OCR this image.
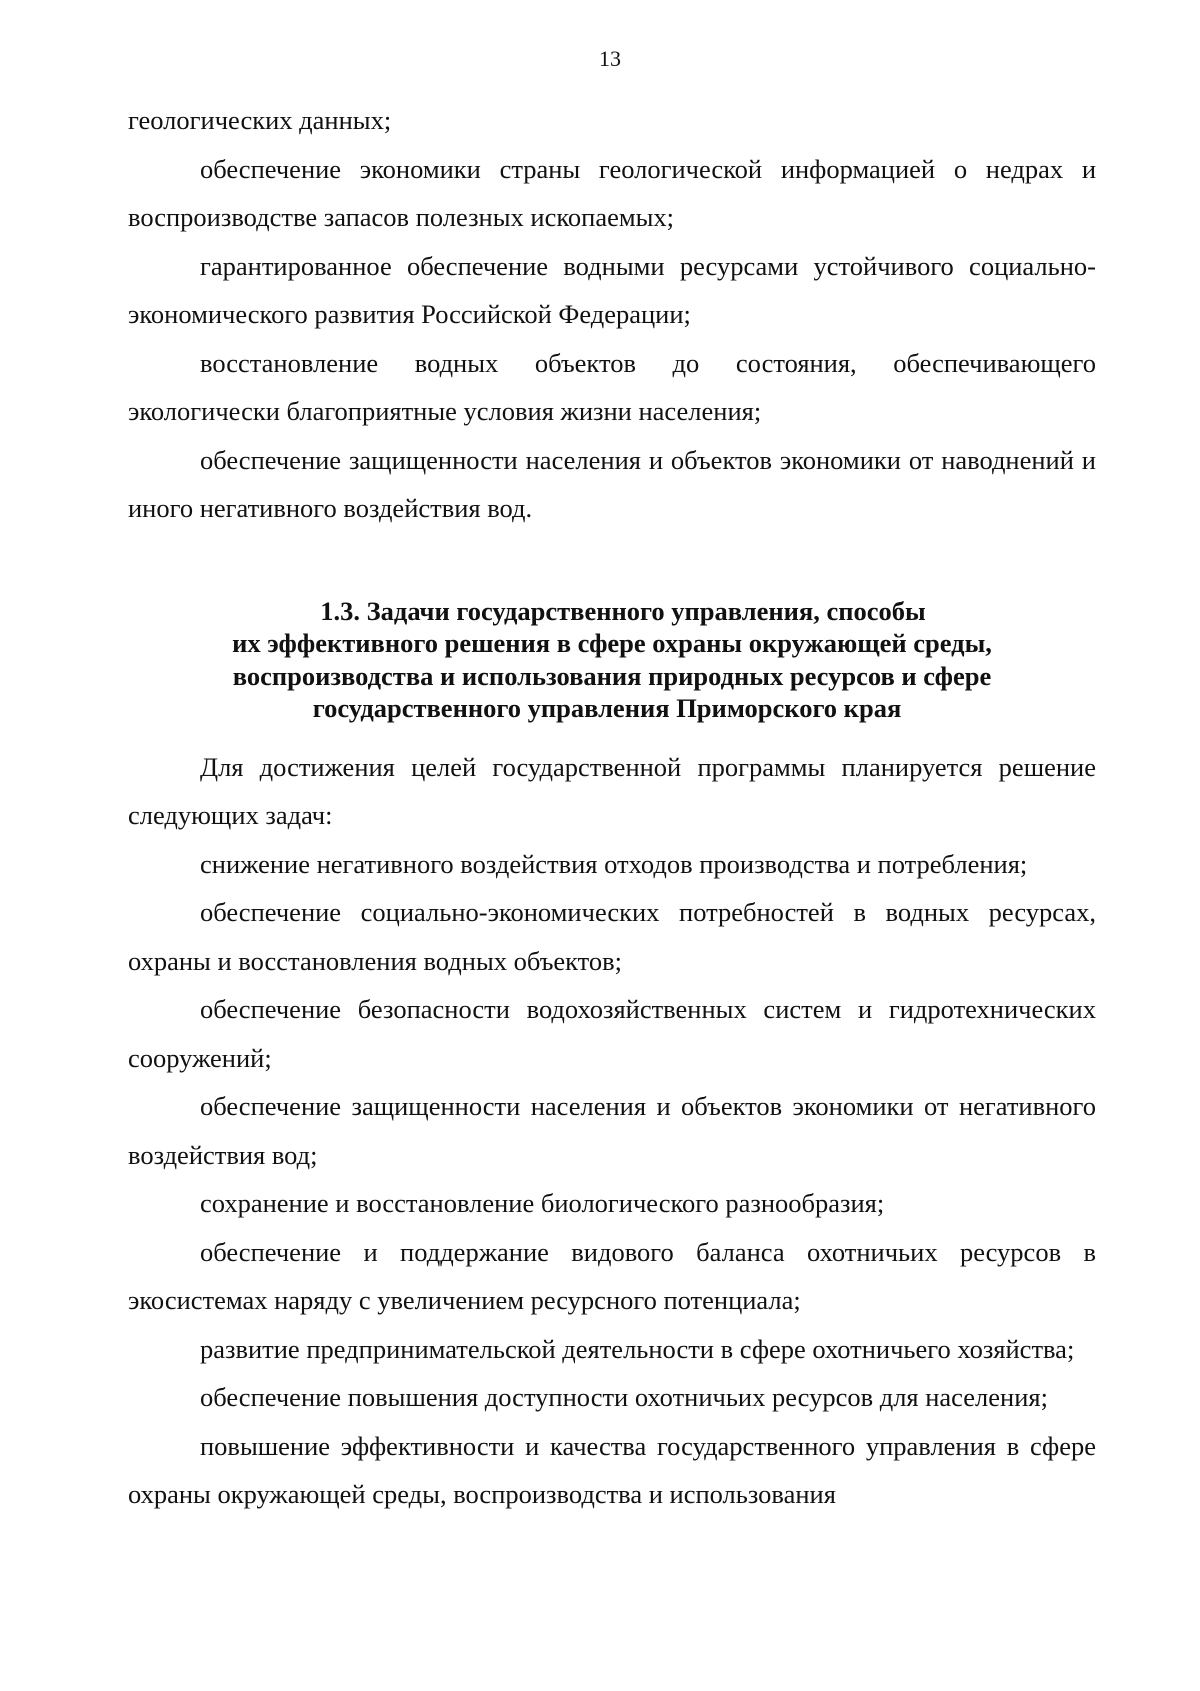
13

геологических данных;

обеспечение экономики страны геологической информацией о недрах и воспроизводстве запасов полезных ископаемых;

гарантированное обеспечение водными ресурсами устойчивого социально-экономического развития Российской Федерации;

восстановление водных объектов до состояния, обеспечивающего экологически благоприятные условия жизни населения;

обеспечение защищенности населения и объектов экономики от наводнений и иного негативного воздействия вод.

1.3. Задачи государственного управления, способы
их эффективного решения в сфере охраны окружающей среды,
воспроизводства и использования природных ресурсов и сфере
государственного управления Приморского края

Для достижения целей государственной программы планируется решение следующих задач:

снижение негативного воздействия отходов производства и потребления;

обеспечение социально-экономических потребностей в водных ресурсах, охраны и восстановления водных объектов;

обеспечение безопасности водохозяйственных систем и гидротехнических сооружений;

обеспечение защищенности населения и объектов экономики от негативного воздействия вод;

сохранение и восстановление биологического разнообразия;

обеспечение и поддержание видового баланса охотничьих ресурсов в экосистемах наряду с увеличением ресурсного потенциала;

развитие предпринимательской деятельности в сфере охотничьего хозяйства;

обеспечение повышения доступности охотничьих ресурсов для населения;

повышение эффективности и качества государственного управления в сфере охраны окружающей среды, воспроизводства и использования
